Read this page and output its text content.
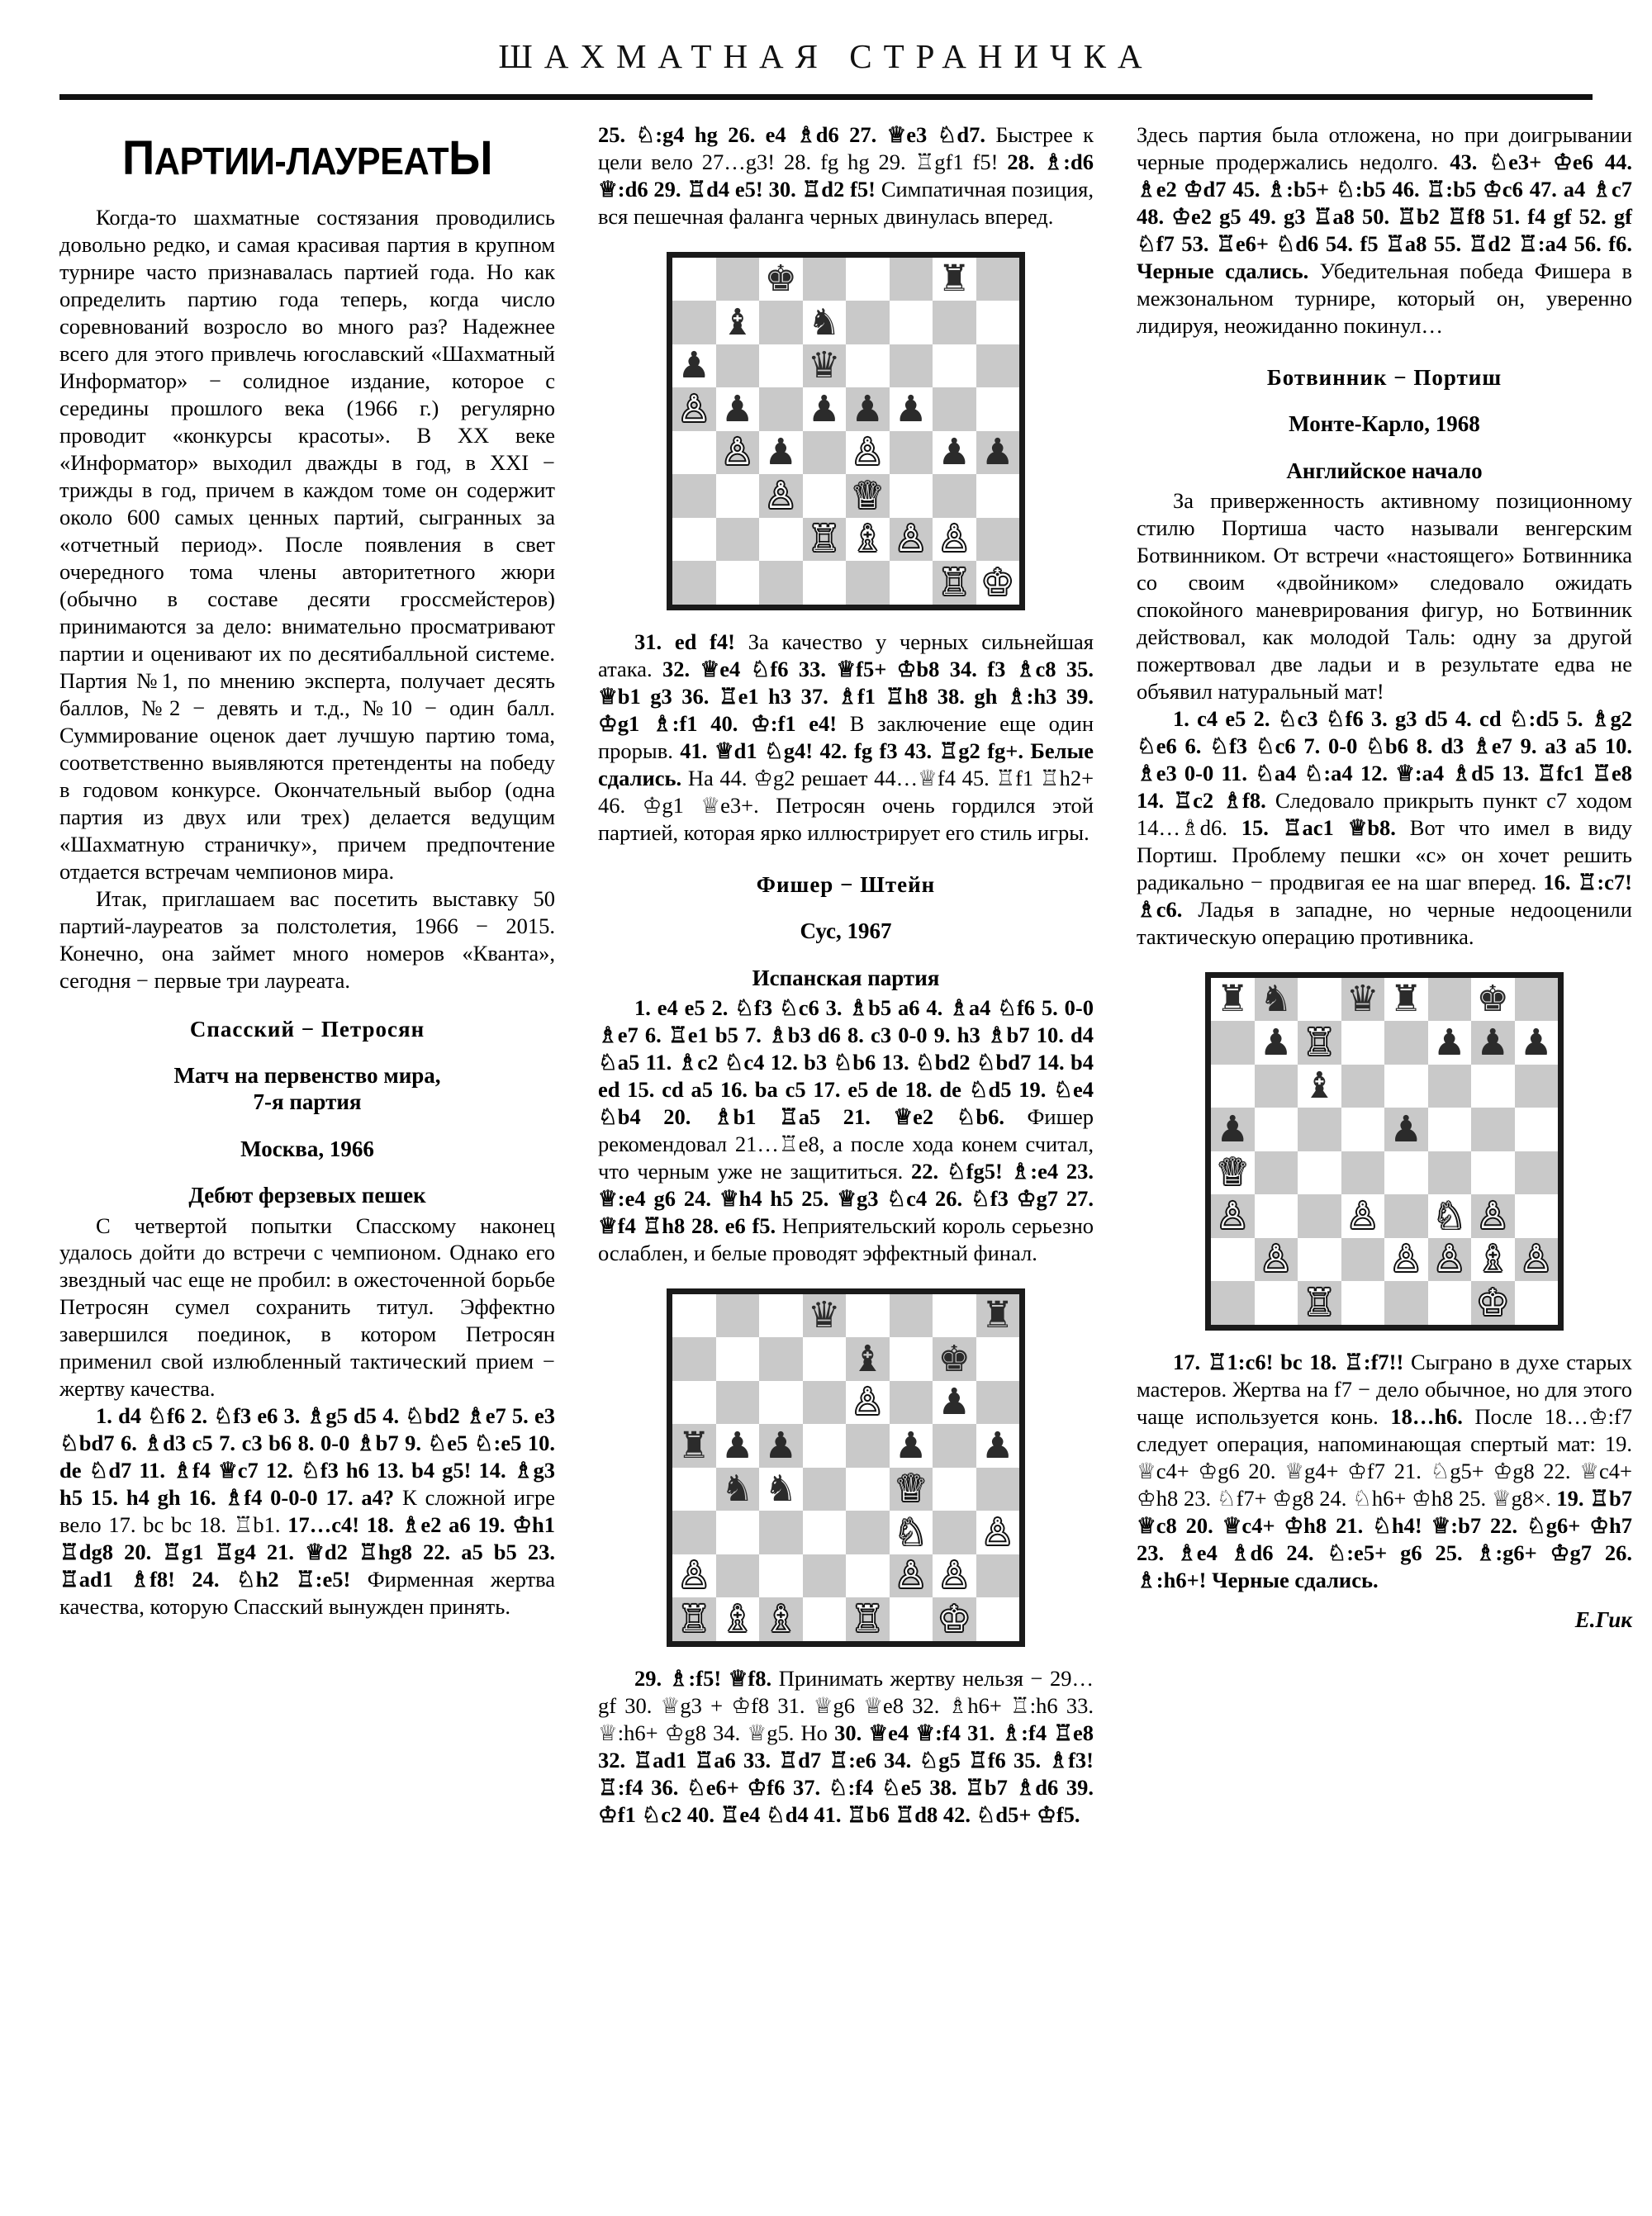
ШАХМАТНАЯ СТРАНИЧКА
ПАРТИИ-ЛАУРЕАТЫ

Когда-то шахматные состязания проводились довольно редко, и самая красивая партия в крупном турнире часто признавалась партией года. Но как определить партию года теперь, когда число соревнований возросло во много раз? Надежнее всего для этого привлечь югославский «Шахматный Информатор» − солидное издание, которое с середины прошлого века (1966 г.) регулярно проводит «конкурсы красоты». В XX веке «Информатор» выходил дважды в год, в XXI − трижды в год, причем в каждом томе он содержит около 600 самых ценных партий, сыгранных за «отчетный период». После появления в свет очередного тома члены авторитетного жюри (обычно в составе десяти гроссмейстеров) принимаются за дело: внимательно просматривают партии и оценивают их по десятибалльной системе. Партия №1, по мнению эксперта, получает десять баллов, №2 − девять и т.д., №10 − один балл. Суммирование оценок дает лучшую партию тома, соответственно выявляются претенденты на победу в годовом конкурсе. Окончательный выбор (одна партия из двух или трех) делается ведущим «Шахматную страничку», причем предпочтение отдается встречам чемпионов мира.

Итак, приглашаем вас посетить выставку 50 партий-лауреатов за полстолетия, 1966 − 2015. Конечно, она займет много номеров «Кванта», сегодня − первые три лауреата.

Спасский − Петросян
Матч на первенство мира,
7-я партия
Москва, 1966
Дебют ферзевых пешек

С четвертой попытки Спасскому наконец удалось дойти до встречи с чемпионом. Однако его звездный час еще не пробил: в ожесточенной борьбе Петросян сумел сохранить титул. Эффектно завершился поединок, в котором Петросян применил свой излюбленный тактический прием − жертву качества.

1. d4 ♘f6 2. ♘f3 e6 3. ♗g5 d5 4. ♘bd2 ♗e7 5. e3 ♘bd7 6. ♗d3 c5 7. c3 b6 8. 0-0 ♗b7 9. ♘e5 ♘:e5 10. de ♘d7 11. ♗f4 ♕c7 12. ♘f3 h6 13. b4 g5! 14. ♗g3 h5 15. h4 gh 16. ♗f4 0-0-0 17. a4? К сложной игре вело 17. bc bc 18. ♖b1. 17…c4! 18. ♗e2 a6 19. ♔h1 ♖dg8 20. ♖g1 ♖g4 21. ♕d2 ♖hg8 22. a5 b5 23. ♖ad1 ♗f8! 24. ♘h2 ♖:e5! Фирменная жертва качества, которую Спасский вынужден принять.

25. ♘:g4 hg 26. e4 ♗d6 27. ♕e3 ♘d7. Быстрее к цели вело 27…g3! 28. fg hg 29. ♖gf1 f5! 28. ♗:d6 ♕:d6 29. ♖d4 e5! 30. ♖d2 f5! Симпатичная позиция, вся пешечная фаланга черных двинулась вперед.

♚	♜
♝ ♞
♟	♛
♙ ♟ ♟ ♟ ♟
♙ ♟ ♙ ♟ ♟
♙ ♕
♖ ♗ ♙ ♙
♖ ♔

31. ed f4! За качество у черных сильнейшая атака. 32. ♕e4 ♘f6 33. ♕f5+ ♔b8 34. f3 ♗c8 35. ♕b1 g3 36. ♖e1 h3 37. ♗f1 ♖h8 38. gh ♗:h3 39. ♔g1 ♗:f1 40. ♔:f1 e4! В заключение еще один прорыв. 41. ♕d1 ♘g4! 42. fg f3 43. ♖g2 fg+. Белые сдались. На 44. ♔g2 решает 44…♕f4 45. ♖f1 ♖h2+ 46. ♔g1 ♕e3+. Петросян очень гордился этой партией, которая ярко иллюстрирует его стиль игры.

Фишер − Штейн
Сус, 1967
Испанская партия

1. e4 e5 2. ♘f3 ♘c6 3. ♗b5 a6 4. ♗a4 ♘f6 5. 0-0 ♗e7 6. ♖e1 b5 7. ♗b3 d6 8. c3 0-0 9. h3 ♗b7 10. d4 ♘a5 11. ♗c2 ♘c4 12. b3 ♘b6 13. ♘bd2 ♘bd7 14. b4 ed 15. cd a5 16. ba c5 17. e5 de 18. de ♘d5 19. ♘e4 ♘b4 20. ♗b1 ♖a5 21. ♕e2 ♘b6. Фишер рекомендовал 21…♖e8, а после хода конем считал, что черным уже не защититься. 22. ♘fg5! ♗:e4 23. ♕:e4 g6 24. ♕h4 h5 25. ♕g3 ♘c4 26. ♘f3 ♔g7 27. ♕f4 ♖h8 28. e6 f5. Неприятельский король серьезно ослаблен, и белые проводят эффектный финал.

♛	♜
♝ ♚
♙ ♟
♜ ♟ ♟	♟ ♟
♞ ♞	♕
♘ ♙
♙	♙ ♙
♖ ♗ ♗ ♖ ♔

29. ♗:f5! ♕f8. Принимать жертву нельзя − 29…gf 30. ♕g3 + ♔f8 31. ♕g6 ♕e8 32. ♗h6+ ♖:h6 33. ♕:h6+ ♔g8 34. ♕g5. Но 30. ♕e4 ♕:f4 31. ♗:f4 ♖e8 32. ♖ad1 ♖a6 33. ♖d7 ♖:e6 34. ♘g5 ♖f6 35. ♗f3! ♖:f4 36. ♘e6+ ♔f6 37. ♘:f4 ♘e5 38. ♖b7 ♗d6 39. ♔f1 ♘c2 40. ♖e4 ♘d4 41. ♖b6 ♖d8 42. ♘d5+ ♔f5.

Здесь партия была отложена, но при доигрывании черные продержались недолго. 43. ♘e3+ ♔e6 44. ♗e2 ♔d7 45. ♗:b5+ ♘:b5 46. ♖:b5 ♔c6 47. a4 ♗c7 48. ♔e2 g5 49. g3 ♖a8 50. ♖b2 ♖f8 51. f4 gf 52. gf ♘f7 53. ♖e6+ ♘d6 54. f5 ♖a8 55. ♖d2 ♖:a4 56. f6. Черные сдались. Убедительная победа Фишера в межзональном турнире, который он, уверенно лидируя, неожиданно покинул…

Ботвинник − Портиш
Монте-Карло, 1968
Английское начало

За приверженность активному позиционному стилю Портиша часто называли венгерским Ботвинником. От встречи «настоящего» Ботвинника со своим «двойником» следовало ожидать спокойного маневрирования фигур, но Ботвинник действовал, как молодой Таль: одну за другой пожертвовал две ладьи и в результате едва не объявил натуральный мат!

1. c4 e5 2. ♘c3 ♘f6 3. g3 d5 4. cd ♘:d5 5. ♗g2 ♘e6 6. ♘f3 ♘c6 7. 0-0 ♘b6 8. d3 ♗e7 9. a3 a5 10. ♗e3 0-0 11. ♘a4 ♘:a4 12. ♕:a4 ♗d5 13. ♖fc1 ♖e8 14. ♖c2 ♗f8. Следовало прикрыть пункт c7 ходом 14…♗d6. 15. ♖ac1 ♕b8. Вот что имел в виду Портиш. Проблему пешки «c» он хочет решить радикально − продвигая ее на шаг вперед. 16. ♖:c7! ♗c6. Ладья в западне, но черные недооценили тактическую операцию противника.

♜ ♞ ♛ ♜ ♚
♟ ♖	♟ ♟ ♟
♝
♟	♟
♕
♙	♙ ♘ ♙
♙	♙ ♙ ♗ ♙
♖	♔

17. ♖1:c6! bc 18. ♖:f7!! Сыграно в духе старых мастеров. Жертва на f7 − дело обычное, но для этого чаще используется конь. 18…h6. После 18…♔:f7 следует операция, напоминающая спертый мат: 19. ♕c4+ ♔g6 20. ♕g4+ ♔f7 21. ♘g5+ ♔g8 22. ♕c4+ ♔h8 23. ♘f7+ ♔g8 24. ♘h6+ ♔h8 25. ♕g8×. 19. ♖b7 ♕c8 20. ♕c4+ ♔h8 21. ♘h4! ♕:b7 22. ♘g6+ ♔h7 23. ♗e4 ♗d6 24. ♘:e5+ g6 25. ♗:g6+ ♔g7 26. ♗:h6+! Черные сдались.

Е.Гик
